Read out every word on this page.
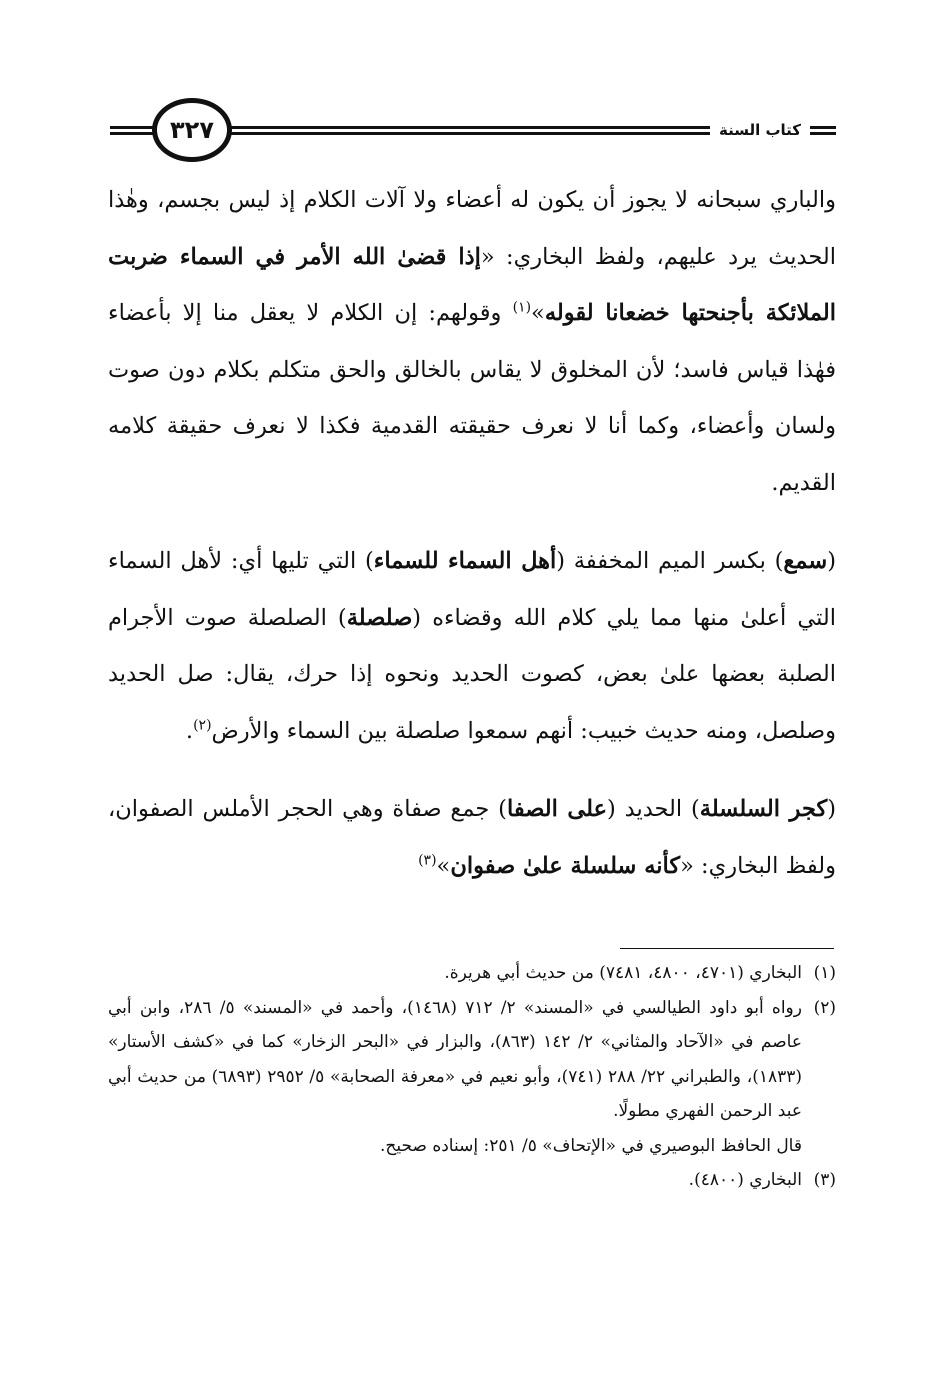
٣٢٧	كتاب السنة

والباري سبحانه لا يجوز أن يكون له أعضاء ولا آلات الكلام إذ ليس بجسم، وهٰذا الحديث يرد عليهم، ولفظ البخاري: «إذا قضىٰ الله الأمر في السماء ضربت الملائكة بأجنحتها خضعانا لقوله»$^{(١)}$ وقولهم: إن الكلام لا يعقل منا إلا بأعضاء فهٰذا قياس فاسد؛ لأن المخلوق لا يقاس بالخالق والحق متكلم بكلام دون صوت ولسان وأعضاء، وكما أنا لا نعرف حقيقته القدمية فكذا لا نعرف حقيقة كلامه القديم.

(سمع) بكسر الميم المخففة (أهل السماء للسماء) التي تليها أي: لأهل السماء التي أعلىٰ منها مما يلي كلام الله وقضاءه (صلصلة) الصلصلة صوت الأجرام الصلبة بعضها علىٰ بعض، كصوت الحديد ونحوه إذا حرك، يقال: صل الحديد وصلصل، ومنه حديث خبيب: أنهم سمعوا صلصلة بين السماء والأرض$^{(٢)}$.

(كجر السلسلة) الحديد (على الصفا) جمع صفاة وهي الحجر الأملس الصفوان، ولفظ البخاري: «كأنه سلسلة علىٰ صفوان»$^{(٣)}$

(١)
البخاري (٤٧٠١، ٤٨٠٠، ٧٤٨١) من حديث أبي هريرة.
(٢)
رواه أبو داود الطيالسي في «المسند» ٢/ ٧١٢ (١٤٦٨)، وأحمد في «المسند» ٥/ ٢٨٦، وابن أبي عاصم في «الآحاد والمثاني» ٢/ ١٤٢ (٨٦٣)، والبزار في «البحر الزخار» كما في «كشف الأستار» (١٨٣٣)، والطبراني ٢٢/ ٢٨٨ (٧٤١)، وأبو نعيم في «معرفة الصحابة» ٥/ ٢٩٥٢ (٦٨٩٣) من حديث أبي عبد الرحمن الفهري مطولًا.
قال الحافظ البوصيري في «الإتحاف» ٥/ ٢٥١: إسناده صحيح.
(٣)
البخاري (٤٨٠٠).
